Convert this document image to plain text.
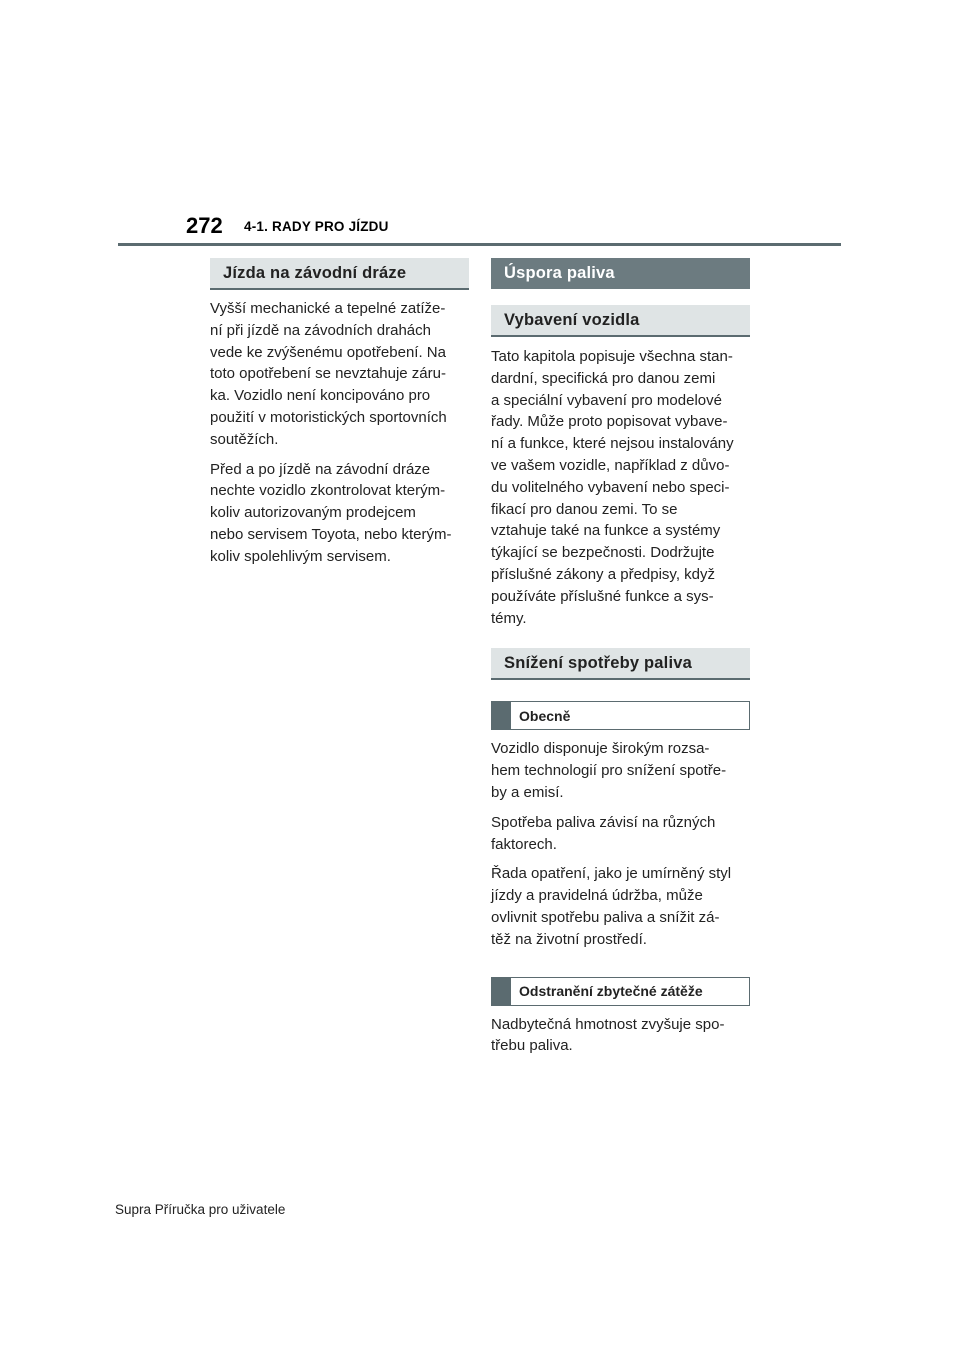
272 4-1. RADY PRO JÍZDU
Jízda na závodní dráze

Vyšší mechanické a tepelné zatíže-
ní při jízdě na závodních drahách
vede ke zvýšenému opotřebení. Na
toto opotřebení se nevztahuje záru-
ka. Vozidlo není koncipováno pro
použití v motoristických sportovních
soutěžích.

Před a po jízdě na závodní dráze
nechte vozidlo zkontrolovat kterým-
koliv autorizovaným prodejcem
nebo servisem Toyota, nebo kterým-
koliv spolehlivým servisem.

Úspora paliva
Vybavení vozidla

Tato kapitola popisuje všechna stan-
dardní, specifická pro danou zemi
a speciální vybavení pro modelové
řady. Může proto popisovat vybave-
ní a funkce, které nejsou instalovány
ve vašem vozidle, například z důvo-
du volitelného vybavení nebo speci-
fikací pro danou zemi. To se
vztahuje také na funkce a systémy
týkající se bezpečnosti. Dodržujte
příslušné zákony a předpisy, když
používáte příslušné funkce a sys-
témy.

Snížení spotřeby paliva
Obecně

Vozidlo disponuje širokým rozsa-
hem technologií pro snížení spotře-
by a emisí.

Spotřeba paliva závisí na různých
faktorech.

Řada opatření, jako je umírněný styl
jízdy a pravidelná údržba, může
ovlivnit spotřebu paliva a snížit zá-
těž na životní prostředí.

Odstranění zbytečné zátěže

Nadbytečná hmotnost zvyšuje spo-
třebu paliva.

Supra Příručka pro uživatele
